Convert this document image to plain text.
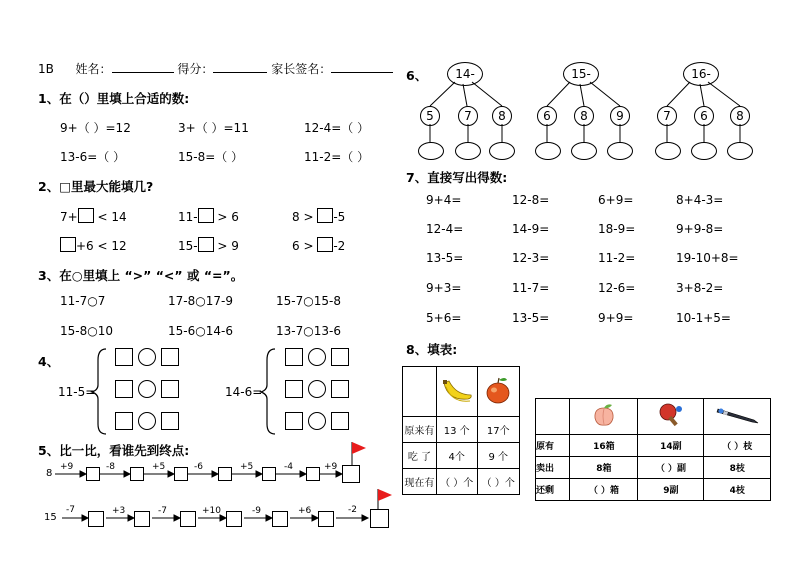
1B 姓名：	得分：	家长签名：
1、在（）里填上合适的数:
9+（ ）=12	3+（ ）=11	12-4=（ ）
13-6=（ ）	15-8=（ ）	11-2=（ ）
2、□里最大能填几?
7+ < 14	11- > 6	8 > -5
+6 < 12	15- > 9	6 > -2
3、在○里填上 “>” “<” 或 “=”。
11-7○7	17-8○17-9	15-7○15-8
15-8○10	15-6○14-6	13-7○13-6
4、
11-5=	14-6=
5、比一比，看谁先到终点:
8
+9	-8	+5	-6	+5	-4	+9
15
-7	+3	-7	+10	-9	+6	-2
6、	14-	15-	16-
5	7	8	6	8	9	7	6	8
7、直接写出得数:
9+4=	12-8=	6+9=	8+4-3=
12-4=	14-9=	18-9=	9+9-8=
13-5=	12-3=	11-2=	19-10+8=
9+3=	11-7=	12-6=	3+8-2=
5+6=	13-5=	9+9=	10-1+5=
8、填表:

原来有	13 个	17个
吃 了	4个	9 个
现在有	（ ）个	（ ）个

原有	16箱	14副	（ ）枝
卖出	8箱	（ ）副	8枝
还剩	（ ）箱	9副	4枝
